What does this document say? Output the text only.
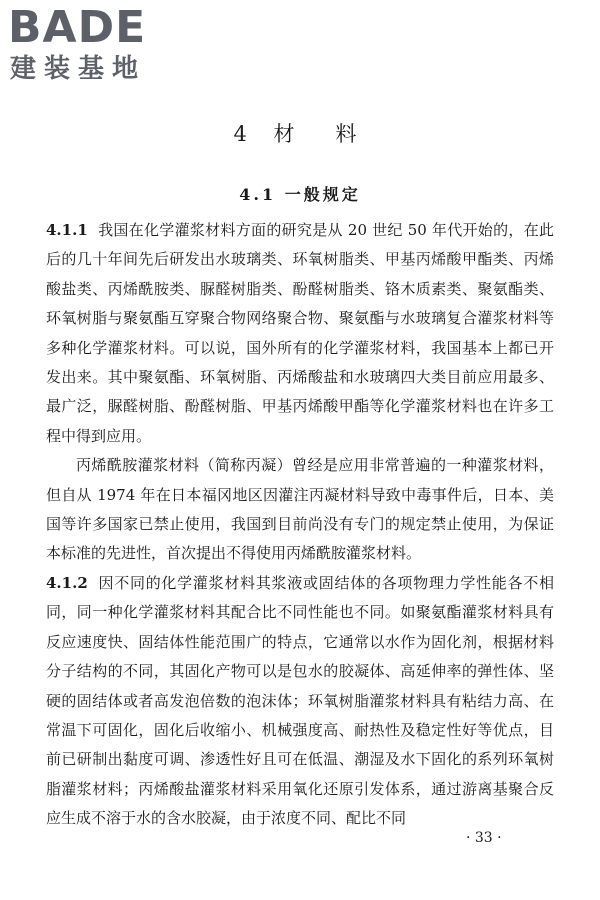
BADE
建装基地
4 材　料
4.1 一般规定

4.1.1 我国在化学灌浆材料方面的研究是从 20 世纪 50 年代开始的，在此后的几十年间先后研发出水玻璃类、环氧树脂类、甲基丙烯酸甲酯类、丙烯酸盐类、丙烯酰胺类、脲醛树脂类、酚醛树脂类、铬木质素类、聚氨酯类、环氧树脂与聚氨酯互穿聚合物网络聚合物、聚氨酯与水玻璃复合灌浆材料等多种化学灌浆材料。可以说，国外所有的化学灌浆材料，我国基本上都已开发出来。其中聚氨酯、环氧树脂、丙烯酸盐和水玻璃四大类目前应用最多、最广泛，脲醛树脂、酚醛树脂、甲基丙烯酸甲酯等化学灌浆材料也在许多工程中得到应用。

丙烯酰胺灌浆材料（简称丙凝）曾经是应用非常普遍的一种灌浆材料，但自从 1974 年在日本福冈地区因灌注丙凝材料导致中毒事件后，日本、美国等许多国家已禁止使用，我国到目前尚没有专门的规定禁止使用，为保证本标准的先进性，首次提出不得使用丙烯酰胺灌浆材料。

4.1.2 因不同的化学灌浆材料其浆液或固结体的各项物理力学性能各不相同，同一种化学灌浆材料其配合比不同性能也不同。如聚氨酯灌浆材料具有反应速度快、固结体性能范围广的特点，它通常以水作为固化剂，根据材料分子结构的不同，其固化产物可以是包水的胶凝体、高延伸率的弹性体、坚硬的固结体或者高发泡倍数的泡沫体；环氧树脂灌浆材料具有粘结力高、在常温下可固化，固化后收缩小、机械强度高、耐热性及稳定性好等优点，目前已研制出黏度可调、渗透性好且可在低温、潮湿及水下固化的系列环氧树脂灌浆材料；丙烯酸盐灌浆材料采用氧化还原引发体系，通过游离基聚合反应生成不溶于水的含水胶凝，由于浓度不同、配比不同

· 33 ·
